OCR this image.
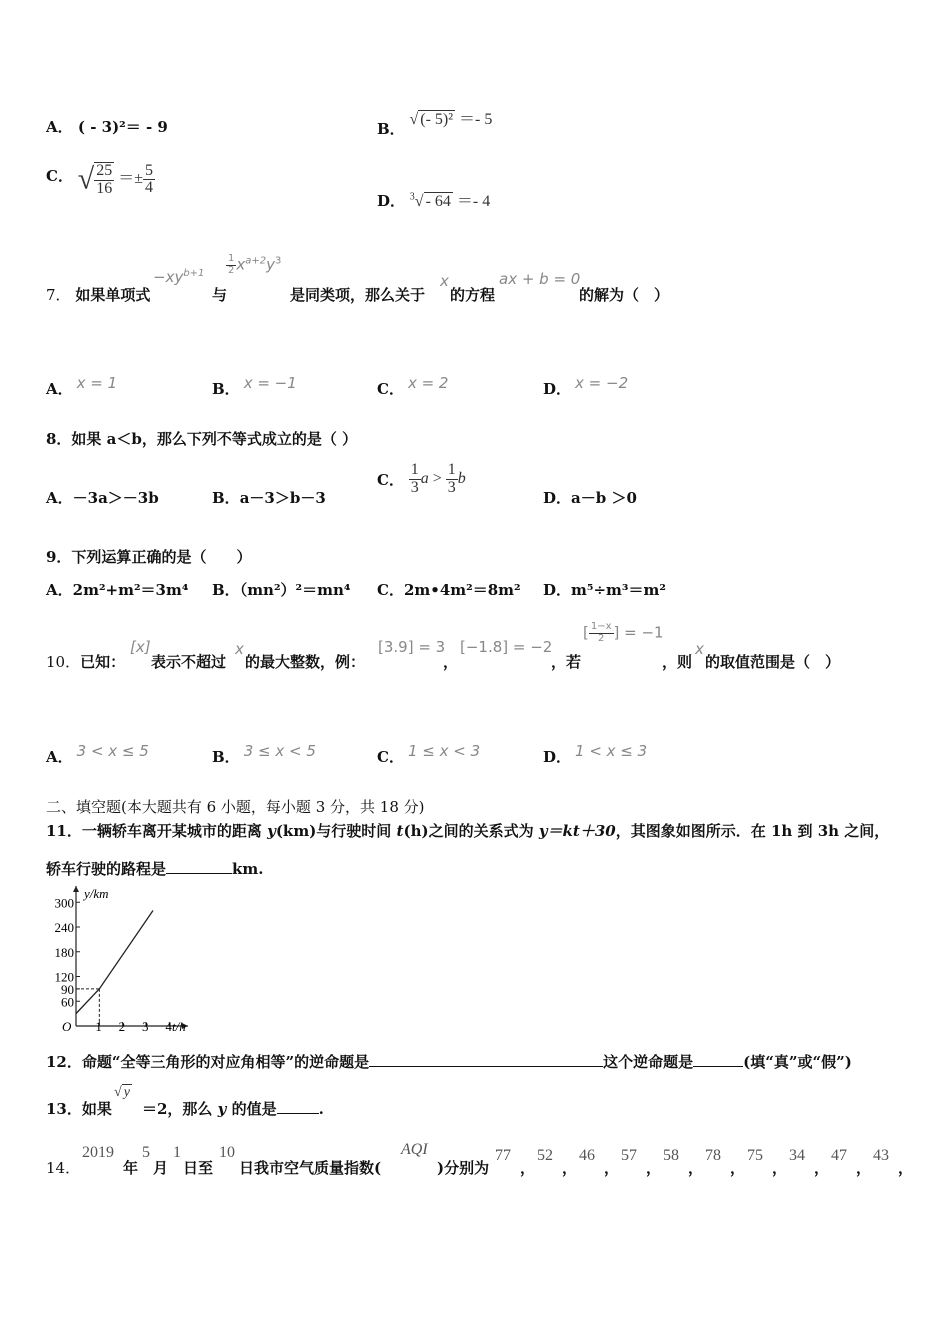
A． ( - 3)²＝ - 9	B． √ (- 5)² ＝- 5
C． √ $\frac{25}{16} =\pm \frac{5}{4}$
D． $^3$√ - 64 ＝- 4
7． 如果单项式
$-xy^{b+1}$
与
$\frac{1}{2} x^{a+2}y^3$
是同类项，那么关于
x
的方程
ax + b = 0
的解为（　）
A． x = 1	B． x = −1	C． x = 2	D． x = −2
8．如果 a＜b，那么下列不等式成立的是（ ）
A．－3a＞－3b	B．a－3＞b－3
C． $\frac{1}{3}$ $a > \frac{1}{3}$ b
D．a－b ＞0
9．下列运算正确的是（　　）
A．2m²+m²＝3m⁴ B．（mn²）²＝mn⁴ C．2m•4m²＝8m² D．m⁵÷m³＝m²
10．已知：
[x]
表示不超过
x
的最大整数，例：
[3.9] = 3
，
[−1.8] = −2
，若
[ $\frac{1-x}{2}$ ] = −1
，则
x
的取值范围是（　）
A． 3 < x ≤ 5	B． 3 ≤ x < 5	C． 1 ≤ x < 3	D． 1 < x ≤ 3
二、填空题(本大题共有 6 小题，每小题 3 分，共 18 分)
11．一辆轿车离开某城市的距离 y(km)与行驶时间 t(h)之间的关系式为 y＝kt＋30，其图象如图所示．在 1h 到 3h 之间，
轿车行驶的路程是	km.
y/km
t/h
O 1 2 3 4
300
240
180
120
90
60
12．命题“全等三角形的对应角相等”的逆命题是	这个逆命题是	(填“真”或“假”)
13．如果
√ y
＝2，那么 y 的值是	.
14．
2019
年
5
月
1
日至
10
日我市空气质量指数(
AQI
)分别为
77，52，46，57，58，78，75，34，47，43，
